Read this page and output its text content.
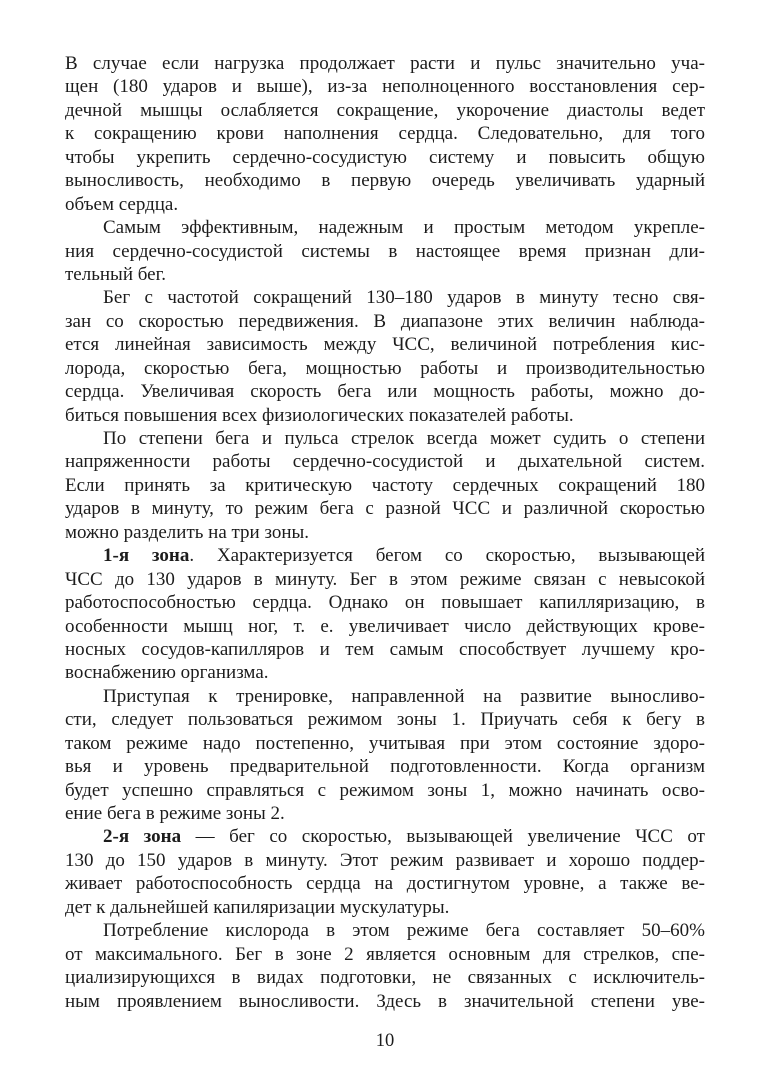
В случае если нагрузка продолжает расти и пульс значительно уча-
щен (180 ударов и выше), из-за неполноценного восстановления сер-
дечной мышцы ослабляется сокращение, укорочение диастолы ведет
к сокращению крови наполнения сердца. Следовательно, для того
чтобы укрепить сердечно-сосудистую систему и повысить общую
выносливость, необходимо в первую очередь увеличивать ударный
объем сердца.
Самым эффективным, надежным и простым методом укрепле-
ния сердечно-сосудистой системы в настоящее время признан дли-
тельный бег.
Бег с частотой сокращений 130–180 ударов в минуту тесно свя-
зан со скоростью передвижения. В диапазоне этих величин наблюда-
ется линейная зависимость между ЧСС, величиной потребления кис-
лорода, скоростью бега, мощностью работы и производительностью
сердца. Увеличивая скорость бега или мощность работы, можно до-
биться повышения всех физиологических показателей работы.
По степени бега и пульса стрелок всегда может судить о степени
напряженности работы сердечно-сосудистой и дыхательной систем.
Если принять за критическую частоту сердечных сокращений 180
ударов в минуту, то режим бега с разной ЧСС и различной скоростью
можно разделить на три зоны.
1-я зона. Характеризуется бегом со скоростью, вызывающей
ЧСС до 130 ударов в минуту. Бег в этом режиме связан с невысокой
работоспособностью сердца. Однако он повышает капилляризацию, в
особенности мышц ног, т. е. увеличивает число действующих крове-
носных сосудов-капилляров и тем самым способствует лучшему кро-
воснабжению организма.
Приступая к тренировке, направленной на развитие выносливо-
сти, следует пользоваться режимом зоны 1. Приучать себя к бегу в
таком режиме надо постепенно, учитывая при этом состояние здоро-
вья и уровень предварительной подготовленности. Когда организм
будет успешно справляться с режимом зоны 1, можно начинать осво-
ение бега в режиме зоны 2.
2-я зона — бег со скоростью, вызывающей увеличение ЧСС от
130 до 150 ударов в минуту. Этот режим развивает и хорошо поддер-
живает работоспособность сердца на достигнутом уровне, а также ве-
дет к дальнейшей капиляризации мускулатуры.
Потребление кислорода в этом режиме бега составляет 50–60%
от максимального. Бег в зоне 2 является основным для стрелков, спе-
циализирующихся в видах подготовки, не связанных с исключитель-
ным проявлением выносливости. Здесь в значительной степени уве-
10
